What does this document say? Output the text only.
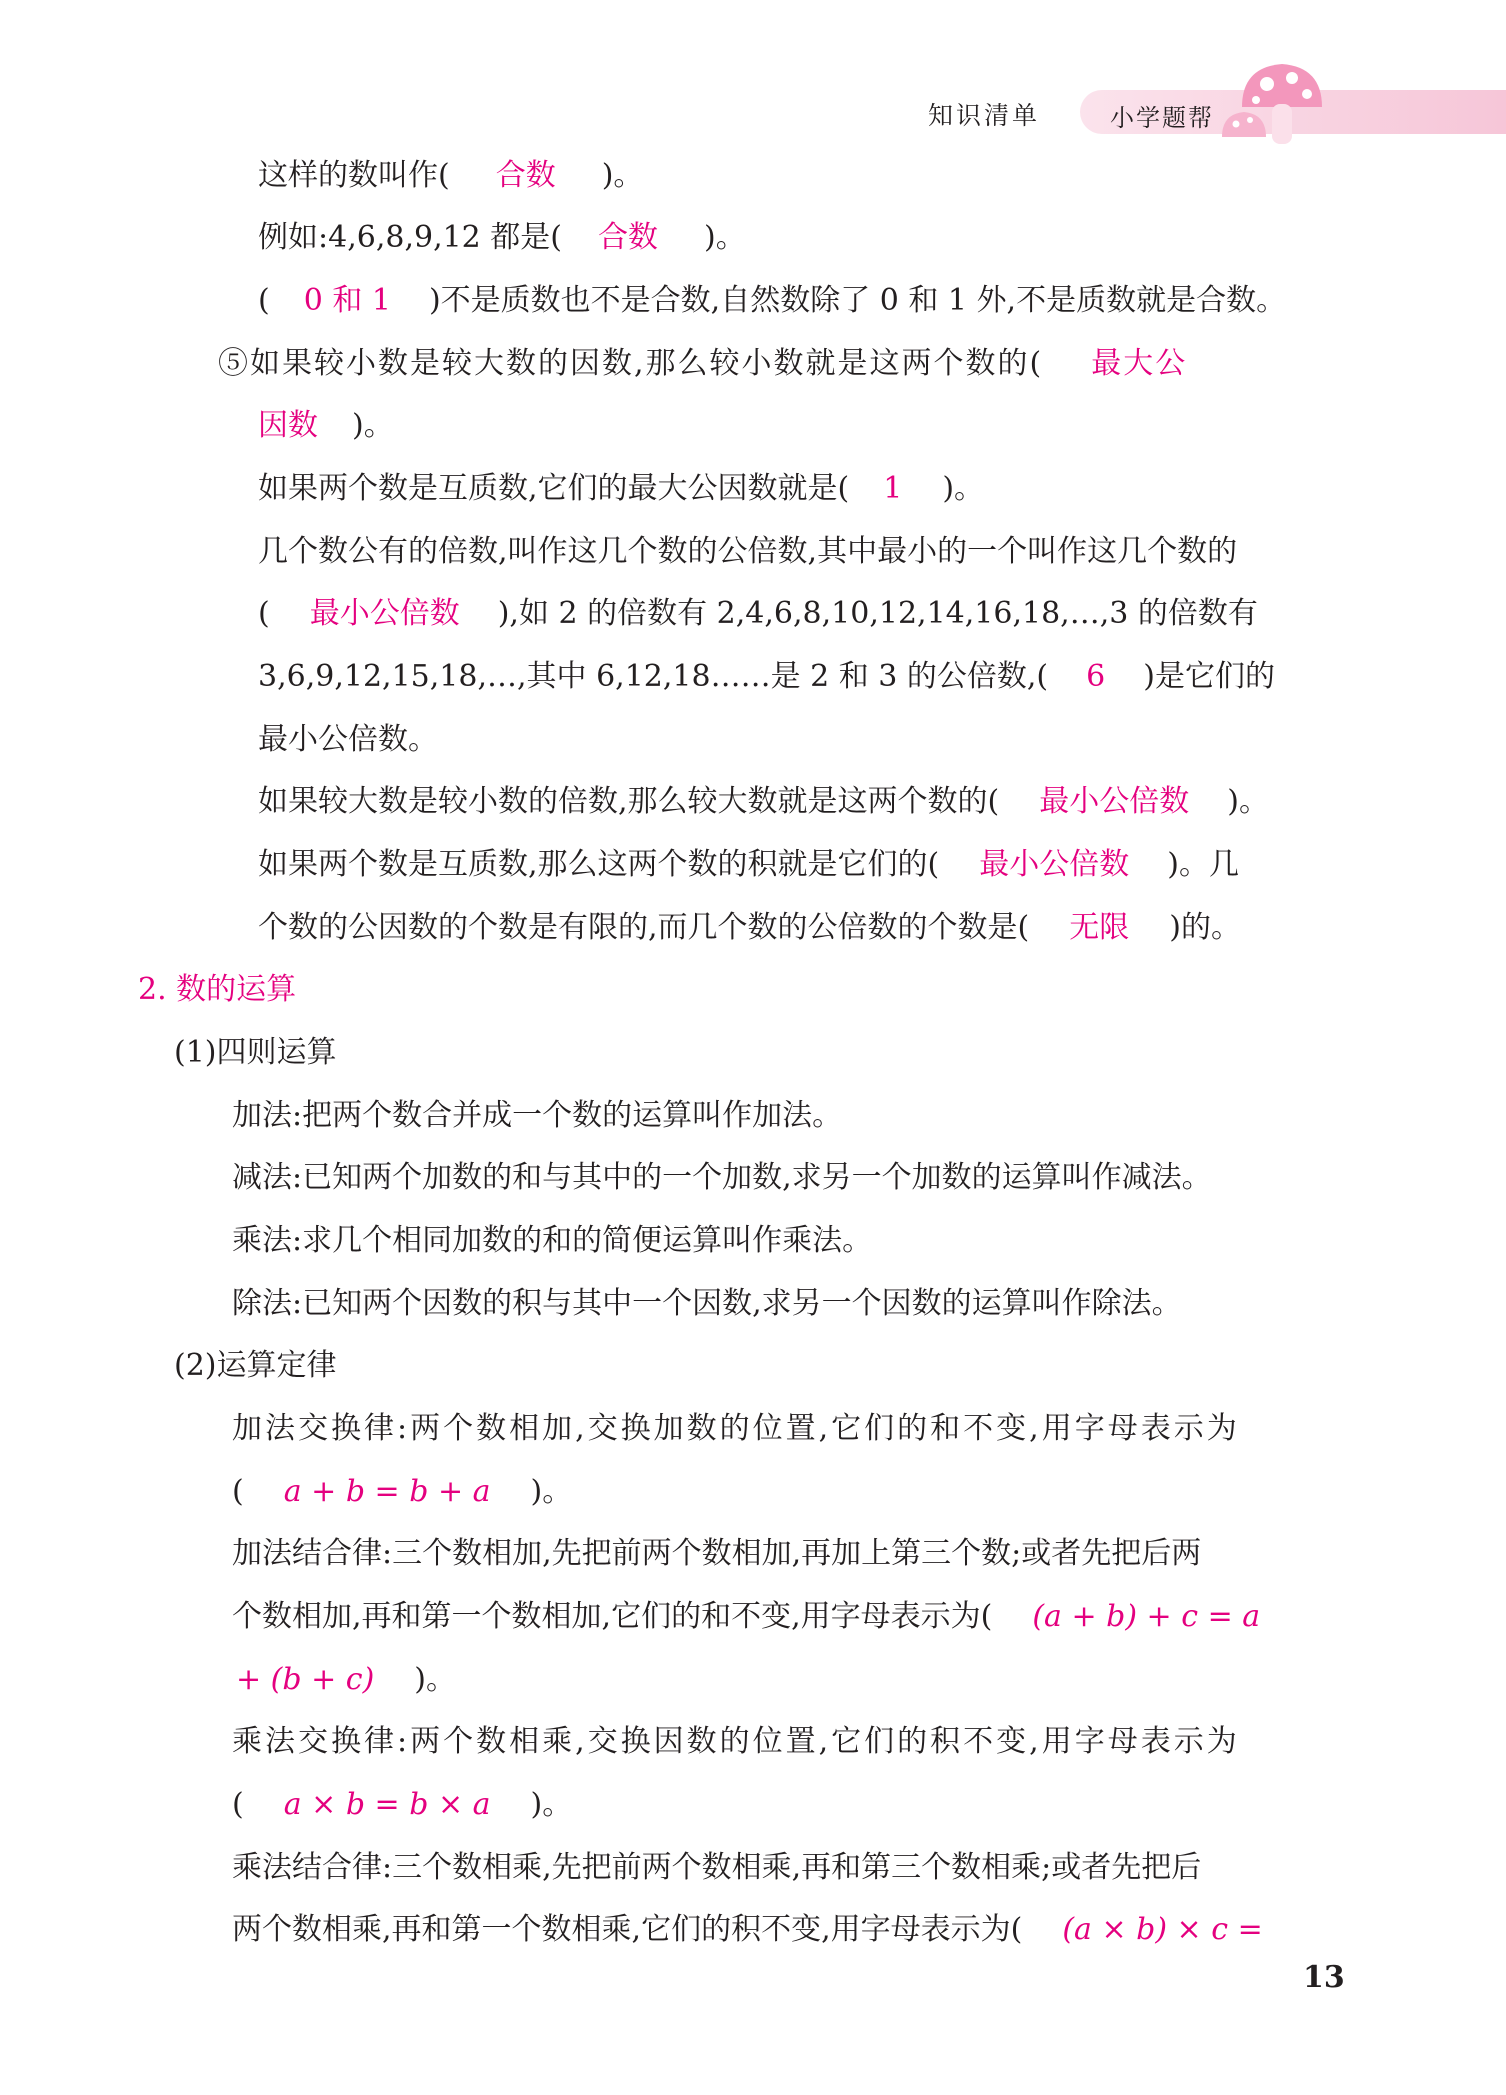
知识清单	小学题帮
这样的数叫作( 合数 )。
例如:4,6,8,9,12 都是( 合数 )。
( 0 和 1 )不是质数也不是合数,自然数除了 0 和 1 外,不是质数就是合数。
⑤如果较小数是较大数的因数,那么较小数就是这两个数的( 最大公
因数 )。
如果两个数是互质数,它们的最大公因数就是( 1 )。
几个数公有的倍数,叫作这几个数的公倍数,其中最小的一个叫作这几个数的
( 最小公倍数 ),如 2 的倍数有 2,4,6,8,10,12,14,16,18,…,3 的倍数有
3,6,9,12,15,18,…,其中 6,12,18……是 2 和 3 的公倍数,( 6 )是它们的
最小公倍数。
如果较大数是较小数的倍数,那么较大数就是这两个数的( 最小公倍数 )。
如果两个数是互质数,那么这两个数的积就是它们的( 最小公倍数 )。几
个数的公因数的个数是有限的,而几个数的公倍数的个数是( 无限 )的。
2. 数的运算
(1)四则运算
加法:把两个数合并成一个数的运算叫作加法。
减法:已知两个加数的和与其中的一个加数,求另一个加数的运算叫作减法。
乘法:求几个相同加数的和的简便运算叫作乘法。
除法:已知两个因数的积与其中一个因数,求另一个因数的运算叫作除法。
(2)运算定律
加法交换律:两个数相加,交换加数的位置,它们的和不变,用字母表示为
( a + b = b + a )。
加法结合律:三个数相加,先把前两个数相加,再加上第三个数;或者先把后两
个数相加,再和第一个数相加,它们的和不变,用字母表示为( (a + b) + c = a
+ (b + c) )。
乘法交换律:两个数相乘,交换因数的位置,它们的积不变,用字母表示为
( a × b = b × a )。
乘法结合律:三个数相乘,先把前两个数相乘,再和第三个数相乘;或者先把后
两个数相乘,再和第一个数相乘,它们的积不变,用字母表示为( (a × b) × c =
13
